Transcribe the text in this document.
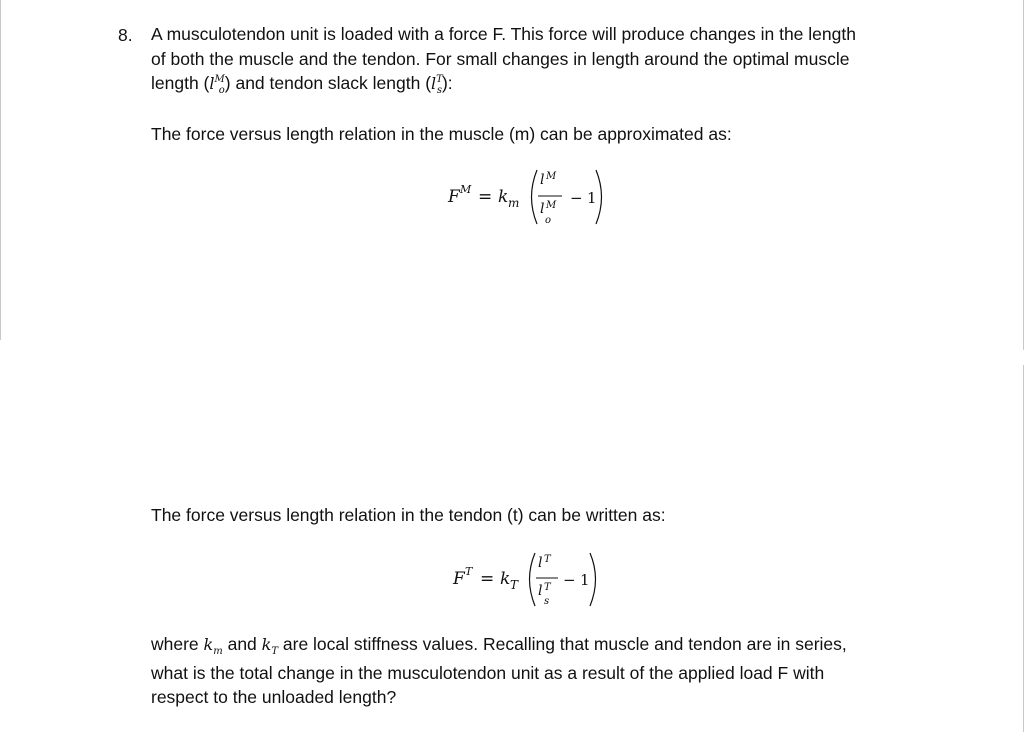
8. A musculotendon unit is loaded with a force F. This force will produce changes in the length
of both the muscle and the tendon. For small changes in length around the optimal muscle
length $(l^M_o)$ and tendon slack length $(l^T_s)$:
The force versus length relation in the muscle (m) can be approximated as:
F M = k m
l M
l M
o
− 1
The force versus length relation in the tendon (t) can be written as:
F T = k T
l T
l T
s
− 1
where $k_m$ and $k_T$ are local stiffness values. Recalling that muscle and tendon are in series,
what is the total change in the musculotendon unit as a result of the applied load F with
respect to the unloaded length?
